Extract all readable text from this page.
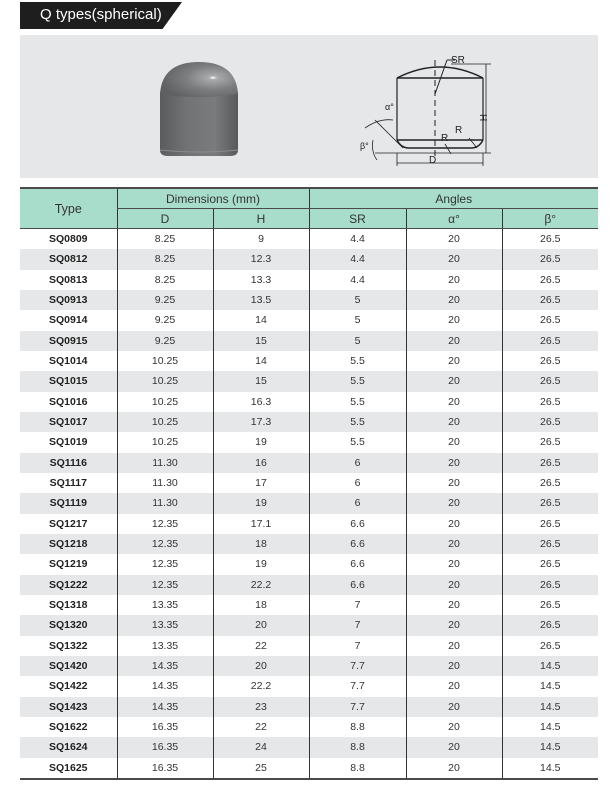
Q types(spherical)
SR
α°
β°
H
D
R
R
Type	Dimensions (mm)		Angles		
	D	H	SR	α°	β°
SQ0809	8.25	9	4.4	20	26.5
SQ0812	8.25	12.3	4.4	20	26.5
SQ0813	8.25	13.3	4.4	20	26.5
SQ0913	9.25	13.5	5	20	26.5
SQ0914	9.25	14	5	20	26.5
SQ0915	9.25	15	5	20	26.5
SQ1014	10.25	14	5.5	20	26.5
SQ1015	10.25	15	5.5	20	26.5
SQ1016	10.25	16.3	5.5	20	26.5
SQ1017	10.25	17.3	5.5	20	26.5
SQ1019	10.25	19	5.5	20	26.5
SQ1116	11.30	16	6	20	26.5
SQ1117	11.30	17	6	20	26.5
SQ1119	11.30	19	6	20	26.5
SQ1217	12.35	17.1	6.6	20	26.5
SQ1218	12.35	18	6.6	20	26.5
SQ1219	12.35	19	6.6	20	26.5
SQ1222	12.35	22.2	6.6	20	26.5
SQ1318	13.35	18	7	20	26.5
SQ1320	13.35	20	7	20	26.5
SQ1322	13.35	22	7	20	26.5
SQ1420	14.35	20	7.7	20	14.5
SQ1422	14.35	22.2	7.7	20	14.5
SQ1423	14.35	23	7.7	20	14.5
SQ1622	16.35	22	8.8	20	14.5
SQ1624	16.35	24	8.8	20	14.5
SQ1625	16.35	25	8.8	20	14.5
